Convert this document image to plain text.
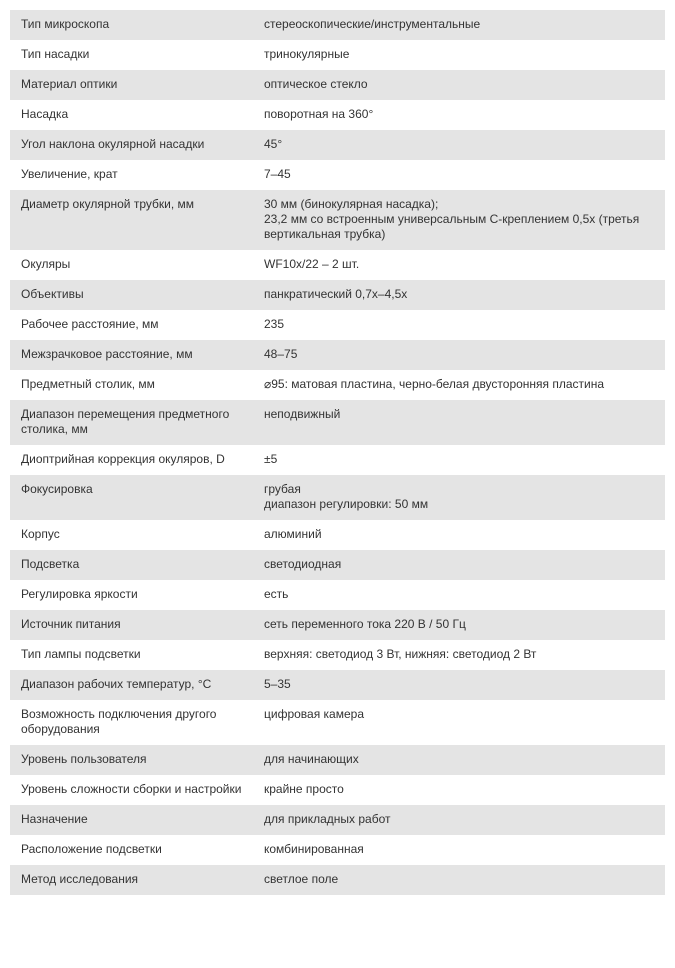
Тип микроскопа	стереоскопические/инструментальные

Тип насадки	тринокулярные

Материал оптики	оптическое стекло

Насадка	поворотная на 360°

Угол наклона окулярной насадки	45°

Увеличение, крат	7–45

Диаметр окулярной трубки, мм	30 мм (бинокулярная насадка);
23,2 мм со встроенным универсальным С-креплением 0,5х (третья вертикальная трубка)

Окуляры	WF10x/22 – 2 шт.

Объективы	панкратический 0,7х–4,5х

Рабочее расстояние, мм	235

Межзрачковое расстояние, мм	48–75

Предметный столик, мм	⌀95: матовая пластина, черно-белая двусторонняя пластина

Диапазон перемещения предметного столика, мм	неподвижный

Диоптрийная коррекция окуляров, D	±5

Фокусировка	грубая
диапазон регулировки: 50 мм

Корпус	алюминий

Подсветка	светодиодная

Регулировка яркости	есть

Источник питания	сеть переменного тока 220 В / 50 Гц

Тип лампы подсветки	верхняя: светодиод 3 Вт, нижняя: светодиод 2 Вт

Диапазон рабочих температур, °С	5–35

Возможность подключения другого оборудования	цифровая камера

Уровень пользователя	для начинающих

Уровень сложности сборки и настройки	крайне просто

Назначение	для прикладных работ

Расположение подсветки	комбинированная

Метод исследования	светлое поле
